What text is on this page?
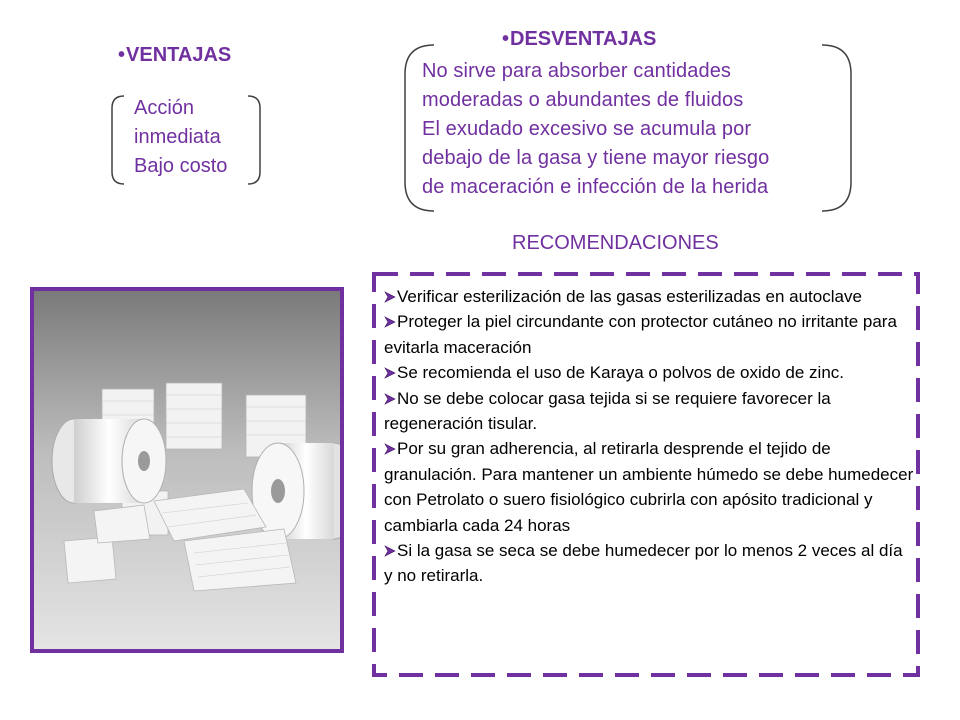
•VENTAJAS
Acción
inmediata
Bajo costo
•DESVENTAJAS
No sirve para absorber cantidades
moderadas o abundantes de fluidos
El exudado excesivo se acumula por
debajo de la gasa y tiene mayor riesgo
de maceración e infección de la herida
RECOMENDACIONES
Verificar esterilización de las gasas esterilizadas en autoclave
Proteger la piel circundante con protector cutáneo no irritante para evitarla maceración
Se recomienda el uso de Karaya o polvos de oxido de zinc.
No se debe colocar gasa tejida si se requiere favorecer la regeneración tisular.
Por su gran adherencia, al retirarla desprende el tejido de granulación. Para mantener un ambiente húmedo se debe humedecer con Petrolato o suero fisiológico cubrirla con apósito tradicional y cambiarla cada 24 horas
Si la gasa se seca se debe humedecer por lo menos 2 veces al día y no retirarla.
